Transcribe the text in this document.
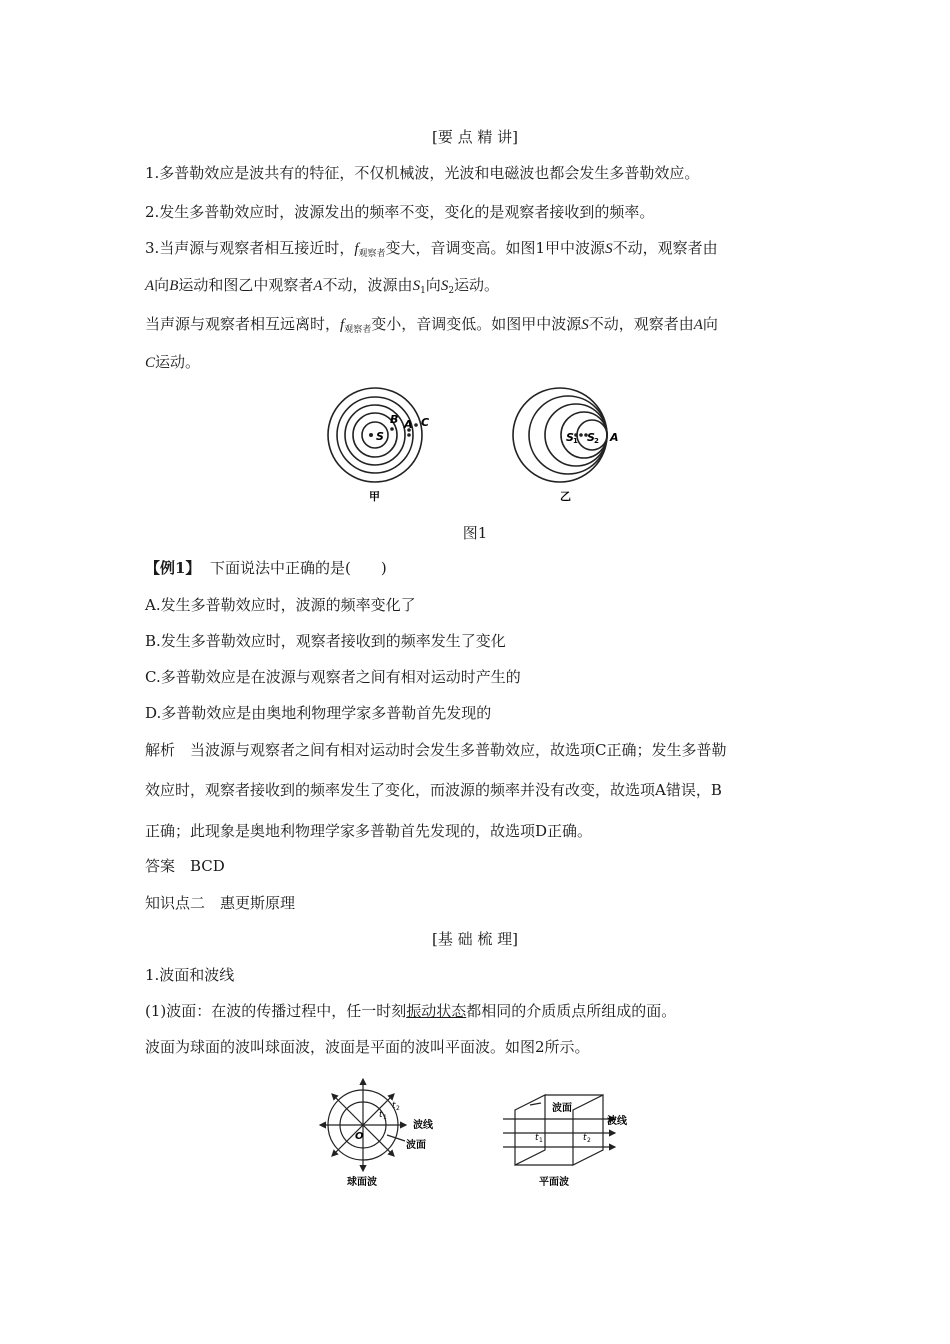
[要 点 精 讲]
1.多普勒效应是波共有的特征，不仅机械波，光波和电磁波也都会发生多普勒效应。
2.发生多普勒效应时，波源发出的频率不变，变化的是观察者接收到的频率。
3.当声源与观察者相互接近时，$f_{观察者}$变大，音调变高。如图1甲中波源S不动，观察者由
A向B运动和图乙中观察者A不动，波源由$S_1$向$S_2$运动。
当声源与观察者相互远离时，$f_{观察者}$变小，音调变低。如图甲中波源S不动，观察者由A向
C运动。
S
B A C
甲
S 1 S 2 A
乙
图1
【例1】 下面说法中正确的是(　　)
A.发生多普勒效应时，波源的频率变化了
B.发生多普勒效应时，观察者接收到的频率发生了变化
C.多普勒效应是在波源与观察者之间有相对运动时产生的
D.多普勒效应是由奥地利物理学家多普勒首先发现的
解析　当波源与观察者之间有相对运动时会发生多普勒效应，故选项C正确；发生多普勒
效应时，观察者接收到的频率发生了变化，而波源的频率并没有改变，故选项A错误，B
正确；此现象是奥地利物理学家多普勒首先发现的，故选项D正确。
答案　BCD
知识点二　惠更斯原理
[基 础 梳 理]
1.波面和波线
(1)波面：在波的传播过程中，任一时刻振动状态都相同的介质质点所组成的面。
波面为球面的波叫球面波，波面是平面的波叫平面波。如图2所示。
O
t 1
t 2
波线
波面
球面波
波面
t 1	t 2
波线
平面波
